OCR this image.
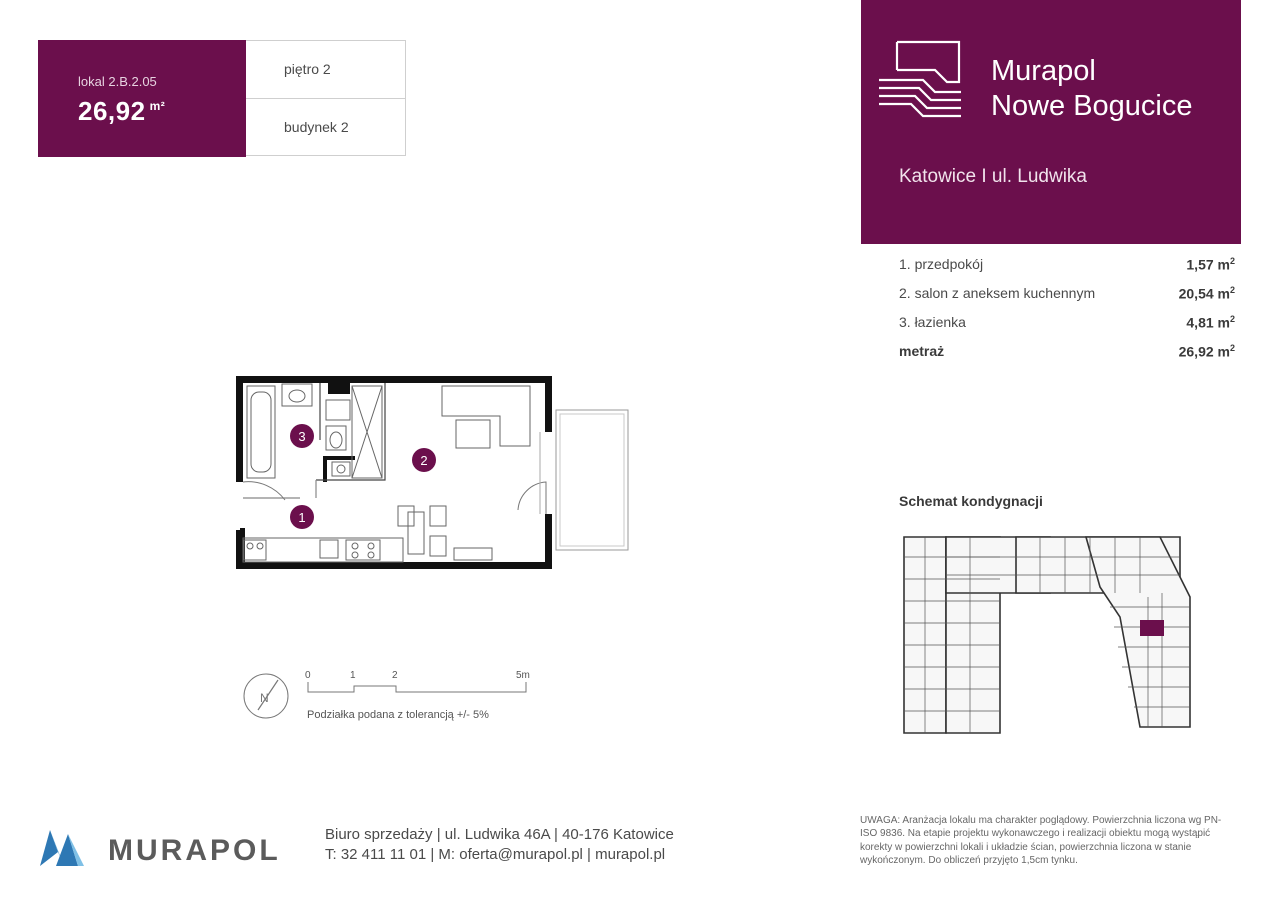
lokal 2.B.2.05
26,92 $^{m^2}$
piętro 2
budynek 2
Murapol
Nowe Bogucice
Katowice I ul. Ludwika
1. przedpokój	1,57 $m^2$
2. salon z aneksem kuchennym	20,54 $m^2$
3. łazienka	4,81 $m^2$
metraż	26,92 $m^2$
3
2
1
N
0	1	2	5m
Podziałka podana z tolerancją +/- 5%
Schemat kondygnacji
MURAPOL	Biuro sprzedaży | ul. Ludwika 46A | 40-176 Katowice
T: 32 411 11 01 | M: oferta@murapol.pl | murapol.pl
UWAGA: Aranżacja lokalu ma charakter poglądowy. Powierzchnia liczona wg PN-ISO 9836. Na etapie projektu wykonawczego i realizacji obiektu mogą wystąpić korekty w powierzchni lokali i układzie ścian, powierzchnia liczona w stanie wykończonym. Do obliczeń przyjęto 1,5cm tynku.
